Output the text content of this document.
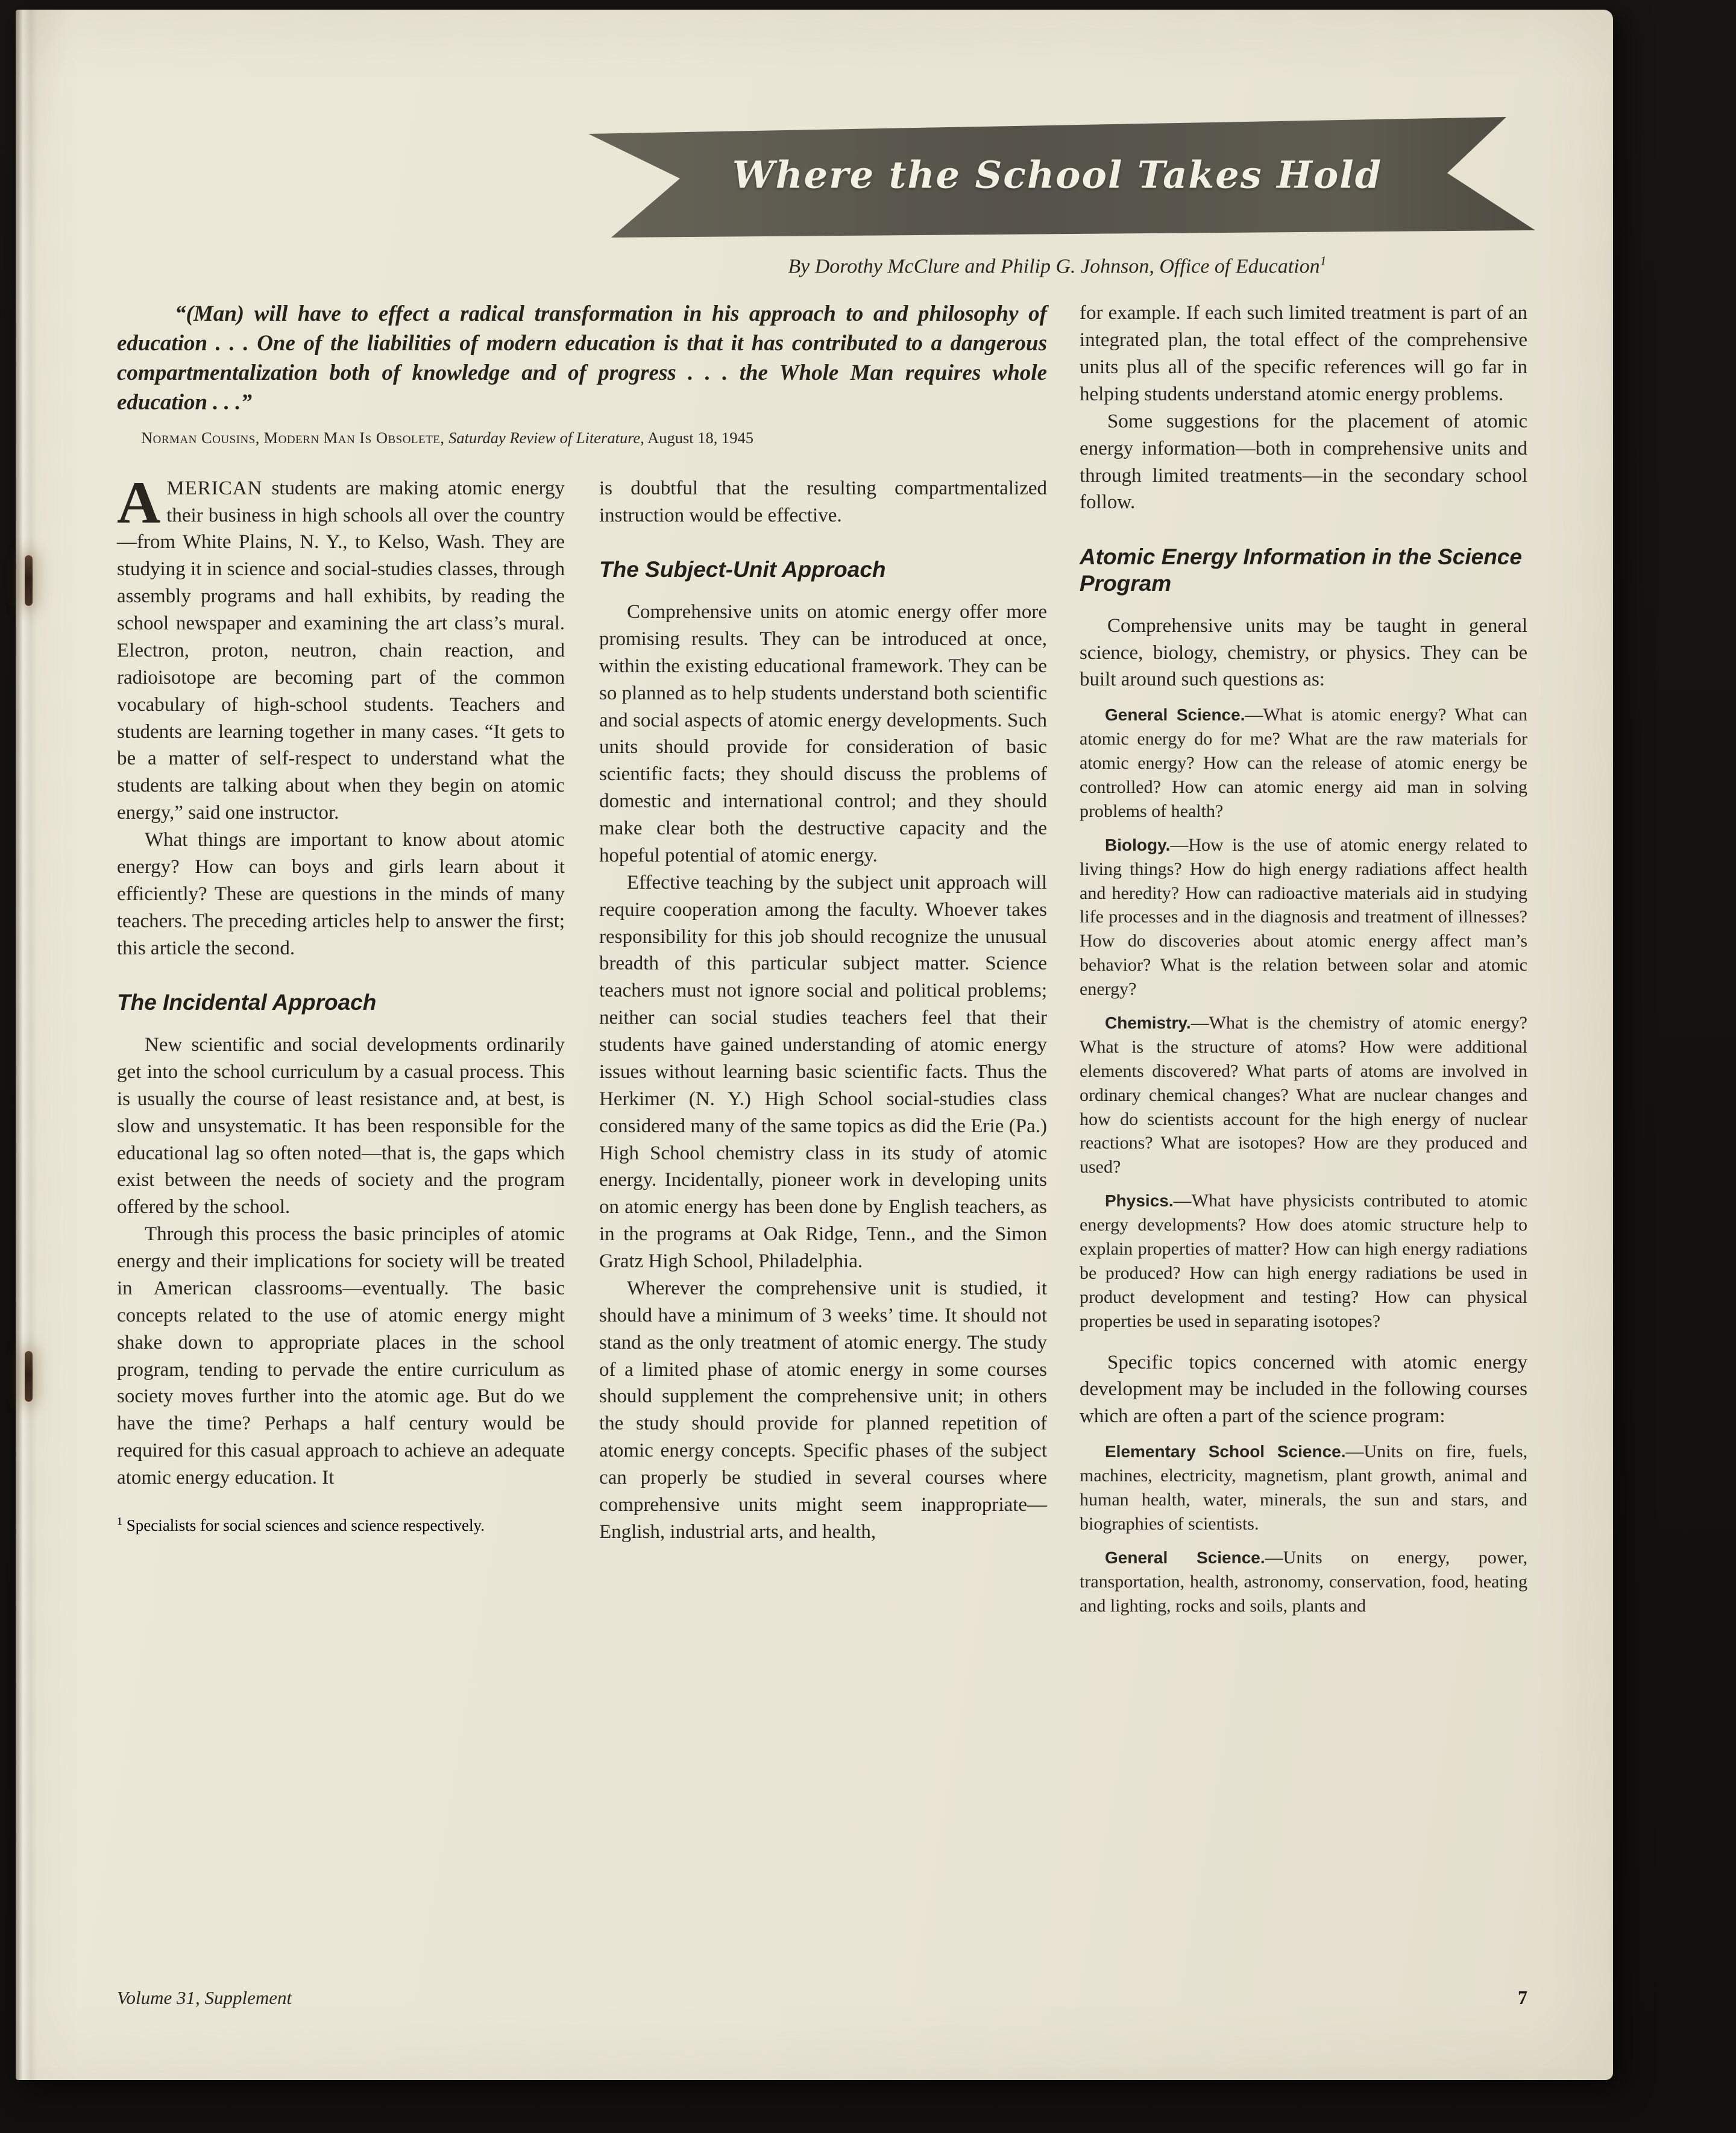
Where the School Takes Hold

By Dorothy McClure and Philip G. Johnson, Office of Education$^1$

“(Man) will have to effect a radical transformation in his approach to and philosophy of education . . . One of the liabilities of modern education is that it has contributed to a dangerous compartmentalization both of knowledge and of progress . . . the Whole Man requires whole education . . .”

Norman Cousins, Modern Man Is Obsolete, Saturday Review of Literature, August 18, 1945

AMERICAN students are making atomic energy their business in high schools all over the country—from White Plains, N. Y., to Kelso, Wash. They are studying it in science and social-studies classes, through assembly programs and hall exhibits, by reading the school newspaper and examining the art class’s mural. Electron, proton, neutron, chain reaction, and radioisotope are becoming part of the common vocabulary of high-school students. Teachers and students are learning together in many cases. “It gets to be a matter of self-respect to understand what the students are talking about when they begin on atomic energy,” said one instructor.

What things are important to know about atomic energy? How can boys and girls learn about it efficiently? These are questions in the minds of many teachers. The preceding articles help to answer the first; this article the second.

The Incidental Approach

New scientific and social developments ordinarily get into the school curriculum by a casual process. This is usually the course of least resistance and, at best, is slow and unsystematic. It has been responsible for the educational lag so often noted—that is, the gaps which exist between the needs of society and the program offered by the school.

Through this process the basic principles of atomic energy and their implications for society will be treated in American classrooms—eventually. The basic concepts related to the use of atomic energy might shake down to appropriate places in the school program, tending to pervade the entire curriculum as society moves further into the atomic age. But do we have the time? Perhaps a half century would be required for this casual approach to achieve an adequate atomic energy education. It

$^1$ Specialists for social sciences and science respectively.

is doubtful that the resulting compartmentalized instruction would be effective.

The Subject-Unit Approach

Comprehensive units on atomic energy offer more promising results. They can be introduced at once, within the existing educational framework. They can be so planned as to help students understand both scientific and social aspects of atomic energy developments. Such units should provide for consideration of basic scientific facts; they should discuss the problems of domestic and international control; and they should make clear both the destructive capacity and the hopeful potential of atomic energy.

Effective teaching by the subject unit approach will require cooperation among the faculty. Whoever takes responsibility for this job should recognize the unusual breadth of this particular subject matter. Science teachers must not ignore social and political problems; neither can social studies teachers feel that their students have gained understanding of atomic energy issues without learning basic scientific facts. Thus the Herkimer (N. Y.) High School social-studies class considered many of the same topics as did the Erie (Pa.) High School chemistry class in its study of atomic energy. Incidentally, pioneer work in developing units on atomic energy has been done by English teachers, as in the programs at Oak Ridge, Tenn., and the Simon Gratz High School, Philadelphia.

Wherever the comprehensive unit is studied, it should have a minimum of 3 weeks’ time. It should not stand as the only treatment of atomic energy. The study of a limited phase of atomic energy in some courses should supplement the comprehensive unit; in others the study should provide for planned repetition of atomic energy concepts. Specific phases of the subject can properly be studied in several courses where comprehensive units might seem inappropriate—English, industrial arts, and health,

for example. If each such limited treatment is part of an integrated plan, the total effect of the comprehensive units plus all of the specific references will go far in helping students understand atomic energy problems.

Some suggestions for the placement of atomic energy information—both in comprehensive units and through limited treatments—in the secondary school follow.

Atomic Energy Information in the Science Program

Comprehensive units may be taught in general science, biology, chemistry, or physics. They can be built around such questions as:

General Science.—What is atomic energy? What can atomic energy do for me? What are the raw materials for atomic energy? How can the release of atomic energy be controlled? How can atomic energy aid man in solving problems of health?

Biology.—How is the use of atomic energy related to living things? How do high energy radiations affect health and heredity? How can radioactive materials aid in studying life processes and in the diagnosis and treatment of illnesses? How do discoveries about atomic energy affect man’s behavior? What is the relation between solar and atomic energy?

Chemistry.—What is the chemistry of atomic energy? What is the structure of atoms? How were additional elements discovered? What parts of atoms are involved in ordinary chemical changes? What are nuclear changes and how do scientists account for the high energy of nuclear reactions? What are isotopes? How are they produced and used?

Physics.—What have physicists contributed to atomic energy developments? How does atomic structure help to explain properties of matter? How can high energy radiations be produced? How can high energy radiations be used in product development and testing? How can physical properties be used in separating isotopes?

Specific topics concerned with atomic energy development may be included in the following courses which are often a part of the science program:

Elementary School Science.—Units on fire, fuels, machines, electricity, magnetism, plant growth, animal and human health, water, minerals, the sun and stars, and biographies of scientists.

General Science.—Units on energy, power, transportation, health, astronomy, conservation, food, heating and lighting, rocks and soils, plants and

Volume 31, Supplement	7
